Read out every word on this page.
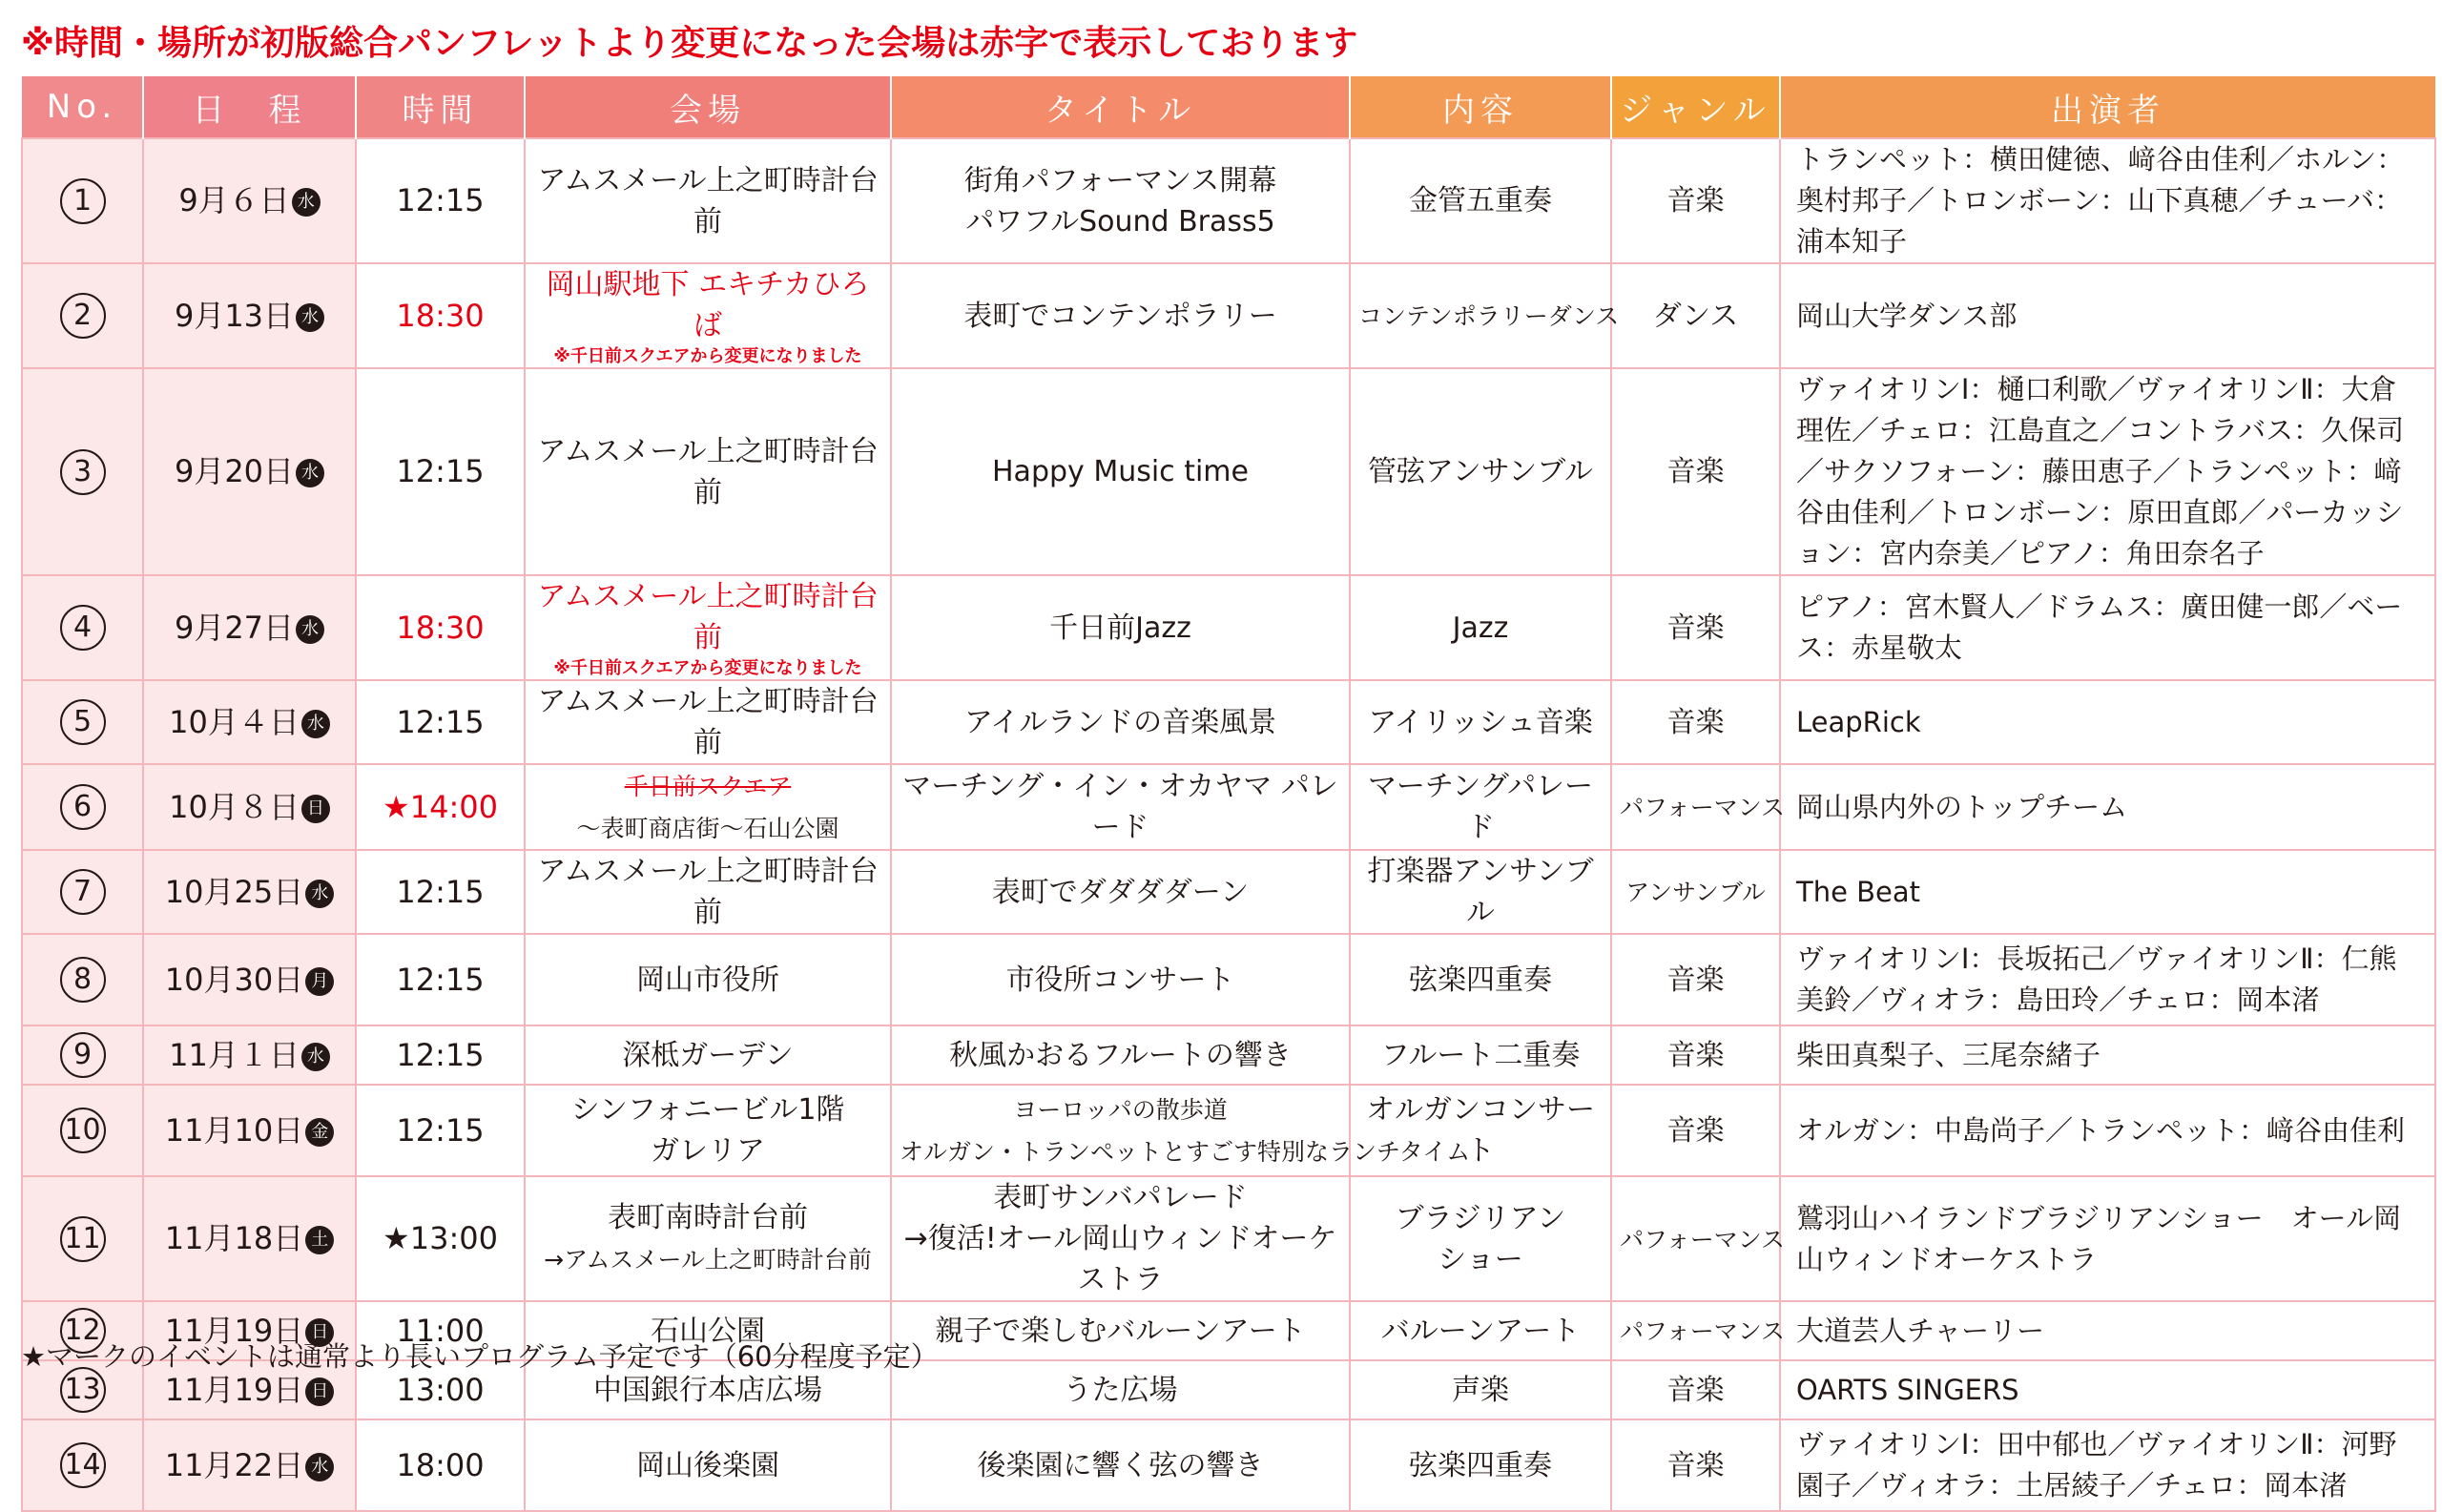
※時間・場所が初版総合パンフレットより変更になった会場は赤字で表示しております
No.	日　程	時間	会場	タイトル	内容	ジャンル	出演者
1	9月６日 水	12:15	アムスメール上之町時計台前	街角パフォーマンス開幕
パワフルSound Brass5	金管五重奏	音楽	トランペット：横田健徳、﨑谷由佳利／ホルン：奥村邦子／トロンボーン：山下真穂／チューバ：浦本知子
2	9月13日 水	18:30	岡山駅地下 エキチカひろば
※千日前スクエアから変更になりました	表町でコンテンポラリー	コンテンポラリーダンス	ダンス	岡山大学ダンス部
3	9月20日 水	12:15	アムスメール上之町時計台前	Happy Music time	管弦アンサンブル	音楽	ヴァイオリンⅠ：樋口利歌／ヴァイオリンⅡ：大倉理佐／チェロ：江島直之／コントラバス：久保司／サクソフォーン：藤田恵子／トランペット：﨑谷由佳利／トロンボーン：原田直郎／パーカッション：宮内奈美／ピアノ：角田奈名子
4	9月27日 水	18:30	アムスメール上之町時計台前
※千日前スクエアから変更になりました	千日前Jazz	Jazz	音楽	ピアノ：宮木賢人／ドラムス：廣田健一郎／ベース：赤星敬太
5	10月４日 水	12:15	アムスメール上之町時計台前	アイルランドの音楽風景	アイリッシュ音楽	音楽	LeapRick
6	10月８日 日	★14:00	千日前スクエア～表町商店街～石山公園	マーチング・イン・オカヤマ パレード	マーチングパレード	パフォーマンス	岡山県内外のトップチーム
7	10月25日 水	12:15	アムスメール上之町時計台前	表町でダダダダーン	打楽器アンサンブル	アンサンブル	The Beat
8	10月30日 月	12:15	岡山市役所	市役所コンサート	弦楽四重奏	音楽	ヴァイオリンⅠ：長坂拓己／ヴァイオリンⅡ：仁熊美鈴／ヴィオラ：島田玲／チェロ：岡本渚
9	11月１日 水	12:15	深柢ガーデン	秋風かおるフルートの響き	フルート二重奏	音楽	柴田真梨子、三尾奈緒子
10	11月10日 金	12:15	シンフォニービル1階
ガレリア	ヨーロッパの散歩道
オルガン・トランペットとすごす特別なランチタイム	オルガンコンサート	音楽	オルガン：中島尚子／トランペット：﨑谷由佳利
11	11月18日 土	★13:00	表町南時計台前
→アムスメール上之町時計台前	表町サンバパレード
→復活!オール岡山ウィンドオーケストラ	ブラジリアン
ショー	パフォーマンス	鷲羽山ハイランドブラジリアンショー　オール岡山ウィンドオーケストラ
12	11月19日 日	11:00	石山公園	親子で楽しむバルーンアート	バルーンアート	パフォーマンス	大道芸人チャーリー
13	11月19日 日	13:00	中国銀行本店広場	うた広場	声楽	音楽	OARTS SINGERS
14	11月22日 水	18:00	岡山後楽園	後楽園に響く弦の響き	弦楽四重奏	音楽	ヴァイオリンⅠ：田中郁也／ヴァイオリンⅡ：河野園子／ヴィオラ：土居綾子／チェロ：岡本渚
★マークのイベントは通常より長いプログラム予定です（60分程度予定）
